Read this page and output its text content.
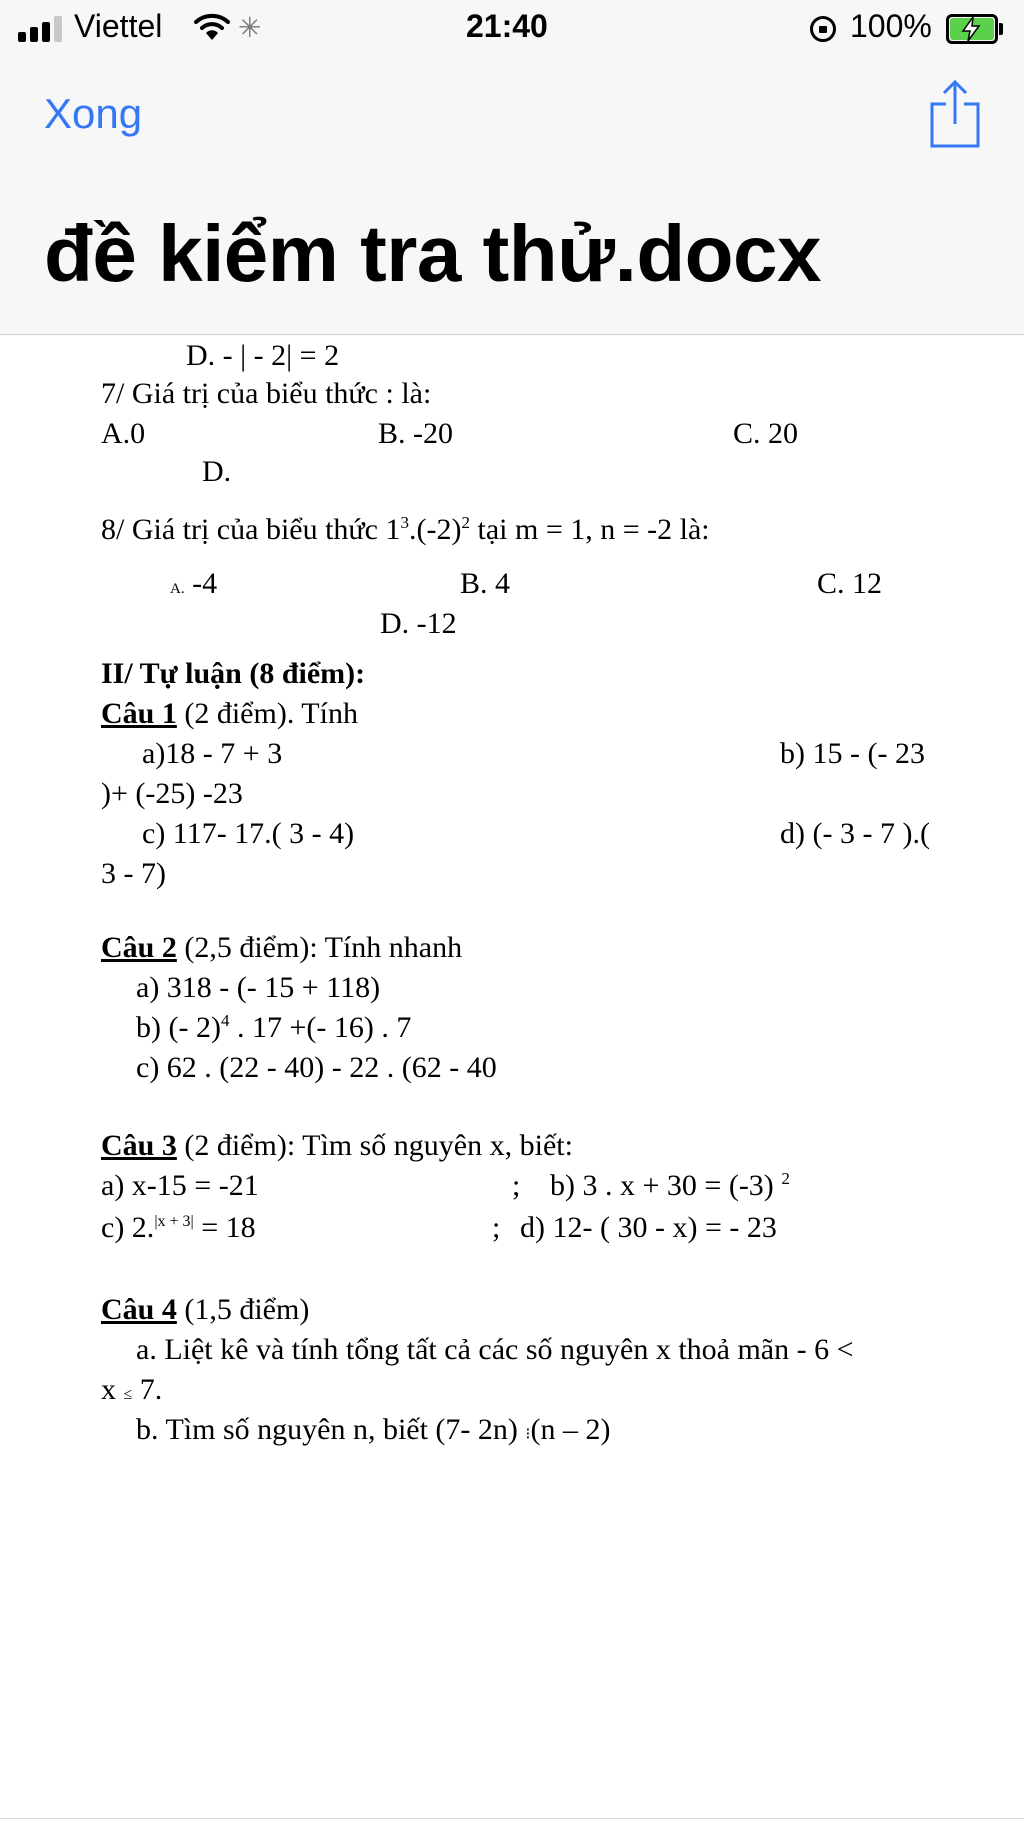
Viettel	✳	21:40	100%
Xong
đề kiểm tra thử.docx
D. - | - 2| = 2
7/ Giá trị của biểu thức : là:
A.0	B. -20	C. 20
D.
8/ Giá trị của biểu thức $1^3.(-2)^2$ tại m = 1, n = -2 là:
A. -4	B. 4	C. 12
D. -12
II/ Tự luận (8 điểm):
Câu 1 (2 điểm). Tính
a)18 - 7 + 3	b) 15 - (- 23
)+ (-25) -23
c) 117- 17.( 3 - 4)	d) (- 3 - 7 ).(
3 - 7)
Câu 2 (2,5 điểm): Tính nhanh
a) 318 - (- 15 + 118)
b) (- 2)$^4$ . 17 +(- 16) . 7
c) 62 . (22 - 40) - 22 . (62 - 40
Câu 3 (2 điểm): Tìm số nguyên x, biết:
a) x-15 = -21	; b) 3 . x + 30 = (-3) $^2$
c) 2.$^{|x + 3|}$ = 18	; d) 12- ( 30 - x) = - 23
Câu 4 (1,5 điểm)
a. Liệt kê và tính tổng tất cả các số nguyên x thoả mãn - 6 <
x ≤ 7.
b. Tìm số nguyên n, biết (7- 2n) ⁝(n – 2)
